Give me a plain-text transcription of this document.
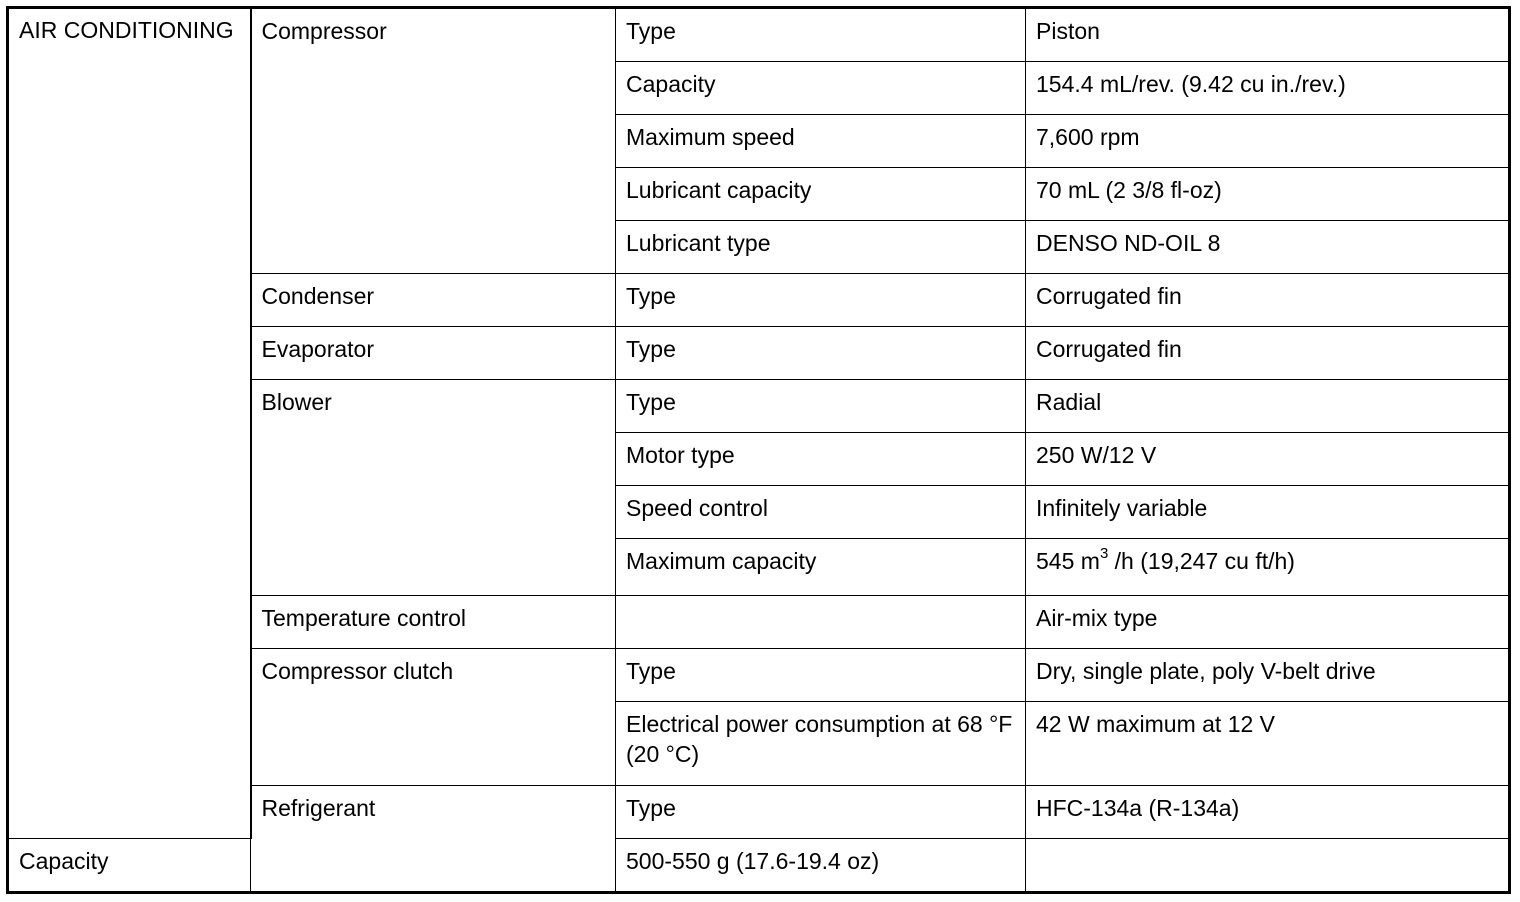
AIR CONDITIONING	Compressor	Type	Piston
		Capacity	154.4 mL/rev. (9.42 cu in./rev.)
		Maximum speed	7,600 rpm
		Lubricant capacity	70 mL (2 3/8 fl-oz)
		Lubricant type	DENSO ND-OIL 8
	Condenser	Type	Corrugated fin
	Evaporator	Type	Corrugated fin
	Blower	Type	Radial
		Motor type	250 W/12 V
		Speed control	Infinitely variable
		Maximum capacity	545 $m^3$ /h (19,247 cu ft/h)
	Temperature control		Air-mix type
	Compressor clutch	Type	Dry, single plate, poly V-belt drive
		Electrical power consumption at 68 °F (20 °C)	42 W maximum at 12 V
	Refrigerant	Type	HFC-134a (R-134a)
Capacity		500-550 g (17.6-19.4 oz)	
